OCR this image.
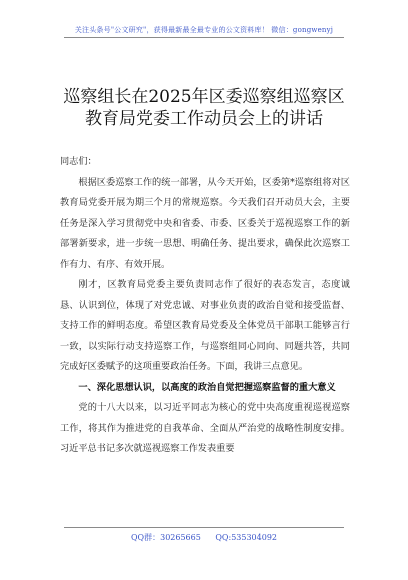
关注头条号"公文研究"，获得最新最全最专业的公文资料库！ 微信：gongwenyj
巡察组长在2025年区委巡察组巡察区
教育局党委工作动员会上的讲话

同志们：

根据区委巡察工作的统一部署，从今天开始，区委第*巡察组将对区教育局党委开展为期三个月的常规巡察。今天我们召开动员大会，主要任务是深入学习贯彻党中央和省委、市委、区委关于巡视巡察工作的新部署新要求，进一步统一思想、明确任务、提出要求，确保此次巡察工作有力、有序、有效开展。

刚才，区教育局党委主要负责同志作了很好的表态发言，态度诚恳、认识到位，体现了对党忠诚、对事业负责的政治自觉和接受监督、支持工作的鲜明态度。希望区教育局党委及全体党员干部职工能够言行一致，以实际行动支持巡察工作，与巡察组同心同向、同题共答，共同完成好区委赋予的这项重要政治任务。下面，我讲三点意见。

一、深化思想认识，以高度的政治自觉把握巡察监督的重大意义

党的十八大以来，以习近平同志为核心的党中央高度重视巡视巡察工作，将其作为推进党的自我革命、全面从严治党的战略性制度安排。习近平总书记多次就巡视巡察工作发表重要

QQ群：30265665 QQ:535304092
